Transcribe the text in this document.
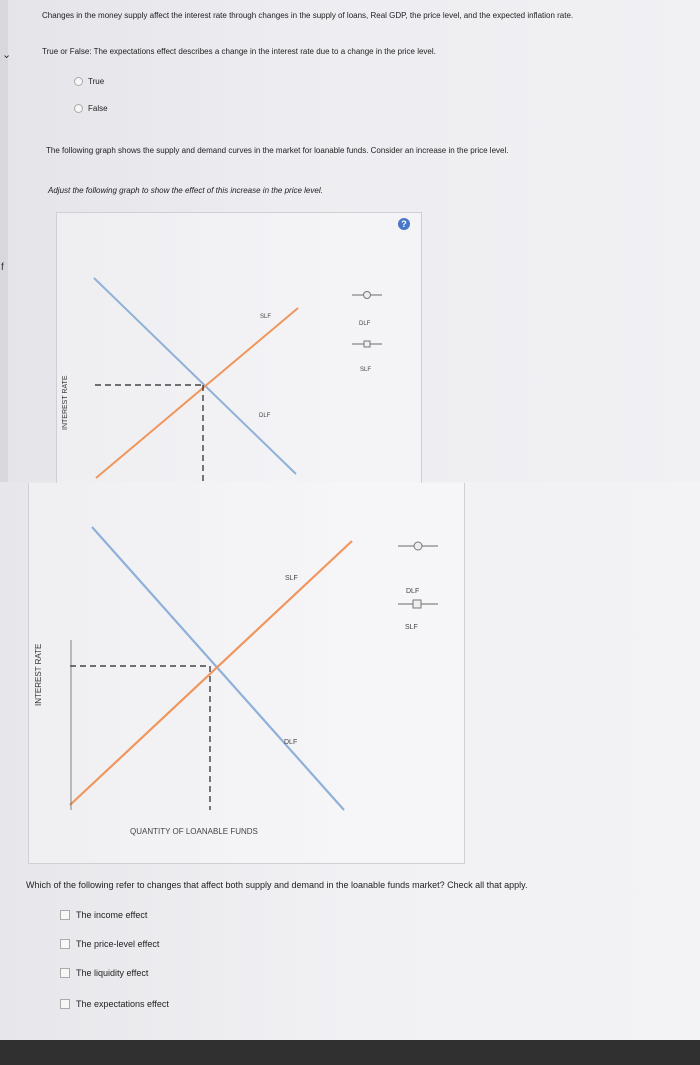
⌄
f
Changes in the money supply affect the interest rate through changes in the supply of loans, Real GDP, the price level, and the expected inflation rate.
True or False: The expectations effect describes a change in the interest rate due to a change in the price level.
True
False
The following graph shows the supply and demand curves in the market for loanable funds. Consider an increase in the price level.
Adjust the following graph to show the effect of this increase in the price level.
?
INTEREST RATE
SLF
DLF
DLF
SLF
INTEREST RATE
SLF
DLF
DLF
SLF
QUANTITY OF LOANABLE FUNDS
Which of the following refer to changes that affect both supply and demand in the loanable funds market? Check all that apply.
The income effect
The price-level effect
The liquidity effect
The expectations effect
